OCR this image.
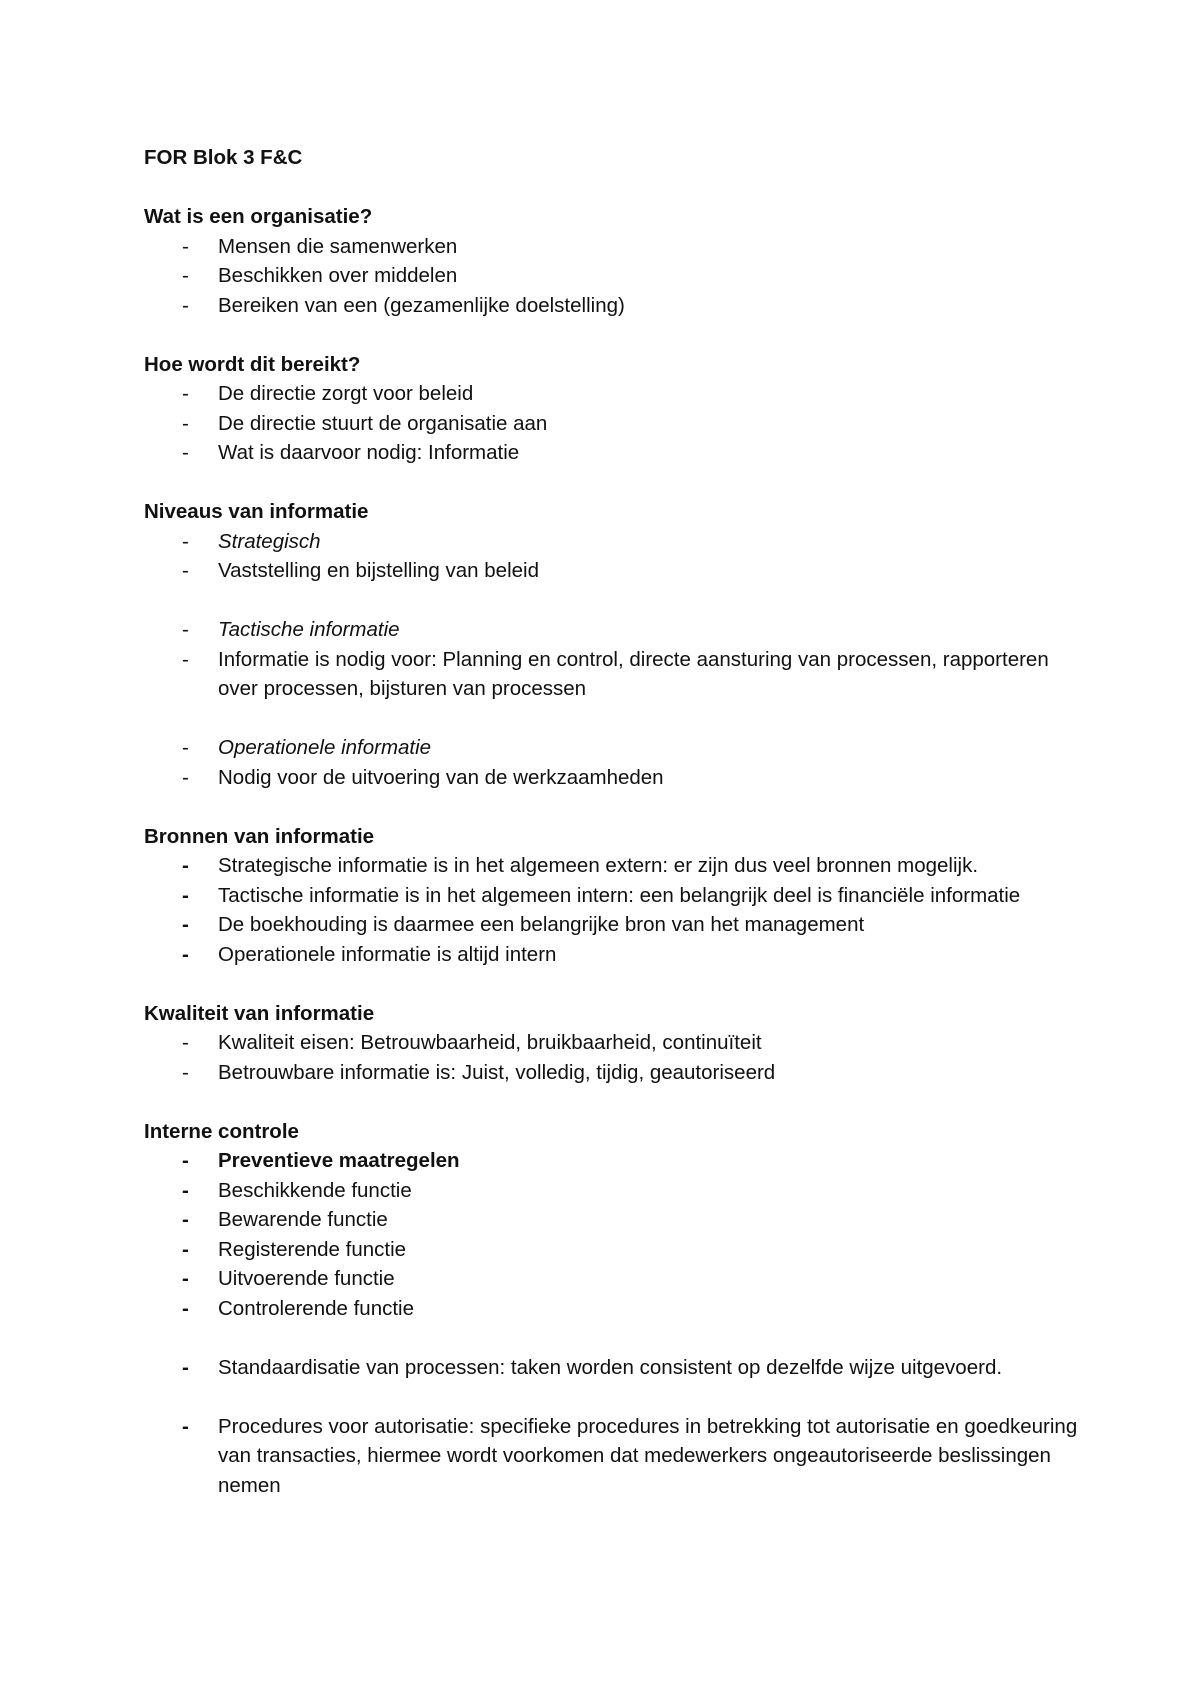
FOR Blok 3 F&C
Wat is een organisatie?
- Mensen die samenwerken
- Beschikken over middelen
- Bereiken van een (gezamenlijke doelstelling)
Hoe wordt dit bereikt?
- De directie zorgt voor beleid
- De directie stuurt de organisatie aan
- Wat is daarvoor nodig: Informatie
Niveaus van informatie
- Strategisch
- Vaststelling en bijstelling van beleid
- Tactische informatie
- Informatie is nodig voor: Planning en control, directe aansturing van processen, rapporteren over processen, bijsturen van processen
- Operationele informatie
- Nodig voor de uitvoering van de werkzaamheden
Bronnen van informatie
- Strategische informatie is in het algemeen extern: er zijn dus veel bronnen mogelijk.
- Tactische informatie is in het algemeen intern: een belangrijk deel is financiële informatie
- De boekhouding is daarmee een belangrijke bron van het management
- Operationele informatie is altijd intern
Kwaliteit van informatie
- Kwaliteit eisen: Betrouwbaarheid, bruikbaarheid, continuïteit
- Betrouwbare informatie is: Juist, volledig, tijdig, geautoriseerd
Interne controle
- Preventieve maatregelen
- Beschikkende functie
- Bewarende functie
- Registerende functie
- Uitvoerende functie
- Controlerende functie
- Standaardisatie van processen: taken worden consistent op dezelfde wijze uitgevoerd.
- Procedures voor autorisatie: specifieke procedures in betrekking tot autorisatie en goedkeuring van transacties, hiermee wordt voorkomen dat medewerkers ongeautoriseerde beslissingen nemen
